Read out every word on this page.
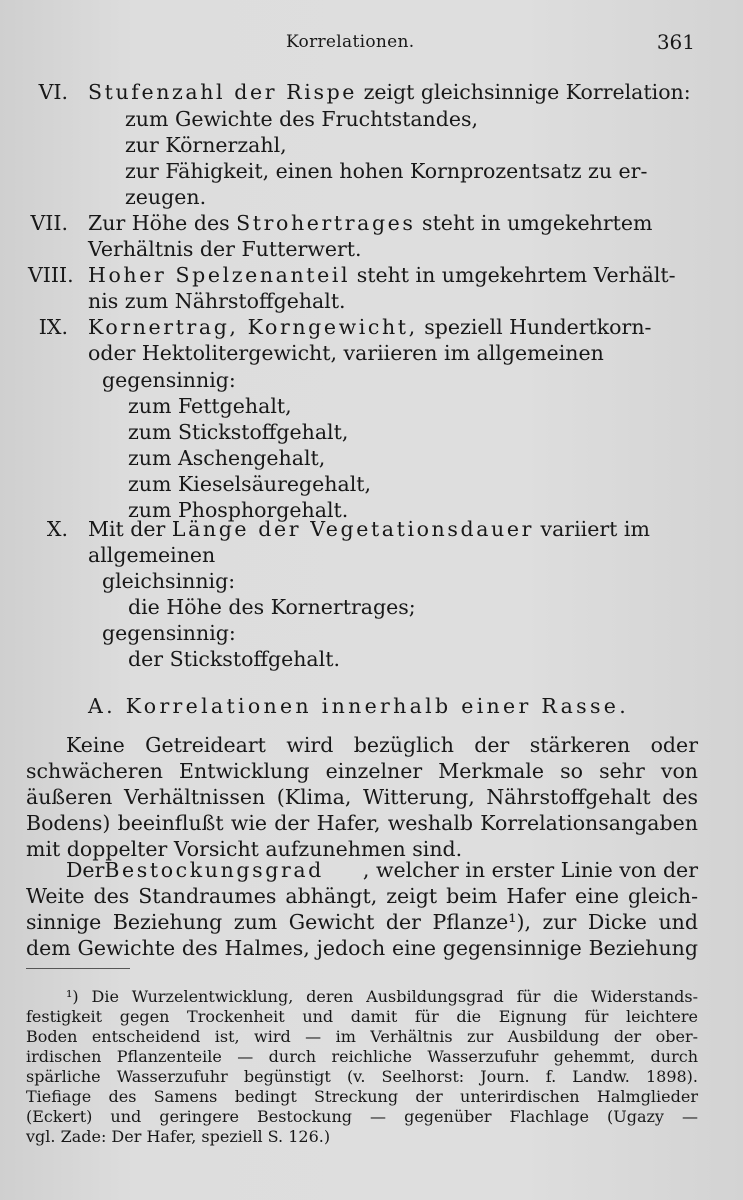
Korrelationen.	361
VI. Stufenzahl der Rispe zeigt gleichsinnige Korrelation:
zum Gewichte des Fruchtstandes,
zur Körnerzahl,
zur Fähigkeit, einen hohen Kornprozentsatz zu er-
zeugen.
VII. Zur Höhe des Strohertrages steht in umgekehrtem
Verhältnis der Futterwert.
VIII. Hoher Spelzenanteil steht in umgekehrtem Verhält-
nis zum Nährstoffgehalt.
IX. Kornertrag, Korngewicht, speziell Hundertkorn-
oder Hektolitergewicht, variieren im allgemeinen
gegensinnig:
zum Fettgehalt,
zum Stickstoffgehalt,
zum Aschengehalt,
zum Kieselsäuregehalt,
zum Phosphorgehalt.
X. Mit der Länge der Vegetationsdauer variiert im
allgemeinen
gleichsinnig:
die Höhe des Kornertrages;
gegensinnig:
der Stickstoffgehalt.
A. Korrelationen innerhalb einer Rasse.
Keine Getreideart wird bezüglich der stärkeren oder
schwächeren Entwicklung einzelner Merkmale so sehr von
äußeren Verhältnissen (Klima, Witterung, Nährstoffgehalt des
Bodens) beeinflußt wie der Hafer, weshalb Korrelationsangaben
mit doppelter Vorsicht aufzunehmen sind.
Der Bestockungsgrad	, welcher in erster Linie von der
Weite des Standraumes abhängt, zeigt beim Hafer eine gleich-
sinnige Beziehung zum Gewicht der Pflanze¹), zur Dicke und
dem Gewichte des Halmes, jedoch eine gegensinnige Beziehung
¹) Die Wurzelentwicklung, deren Ausbildungsgrad für die Widerstands-
festigkeit gegen Trockenheit und damit für die Eignung für leichtere
Boden entscheidend ist, wird — im Verhältnis zur Ausbildung der ober-
irdischen Pflanzenteile — durch reichliche Wasserzufuhr gehemmt, durch
spärliche Wasserzufuhr begünstigt (v. Seelhorst: Journ. f. Landw. 1898).
Tiefiage des Samens bedingt Streckung der unterirdischen Halmglieder
(Eckert) und geringere Bestockung — gegenüber Flachlage (Ugazy —
vgl. Zade: Der Hafer, speziell S. 126.)
